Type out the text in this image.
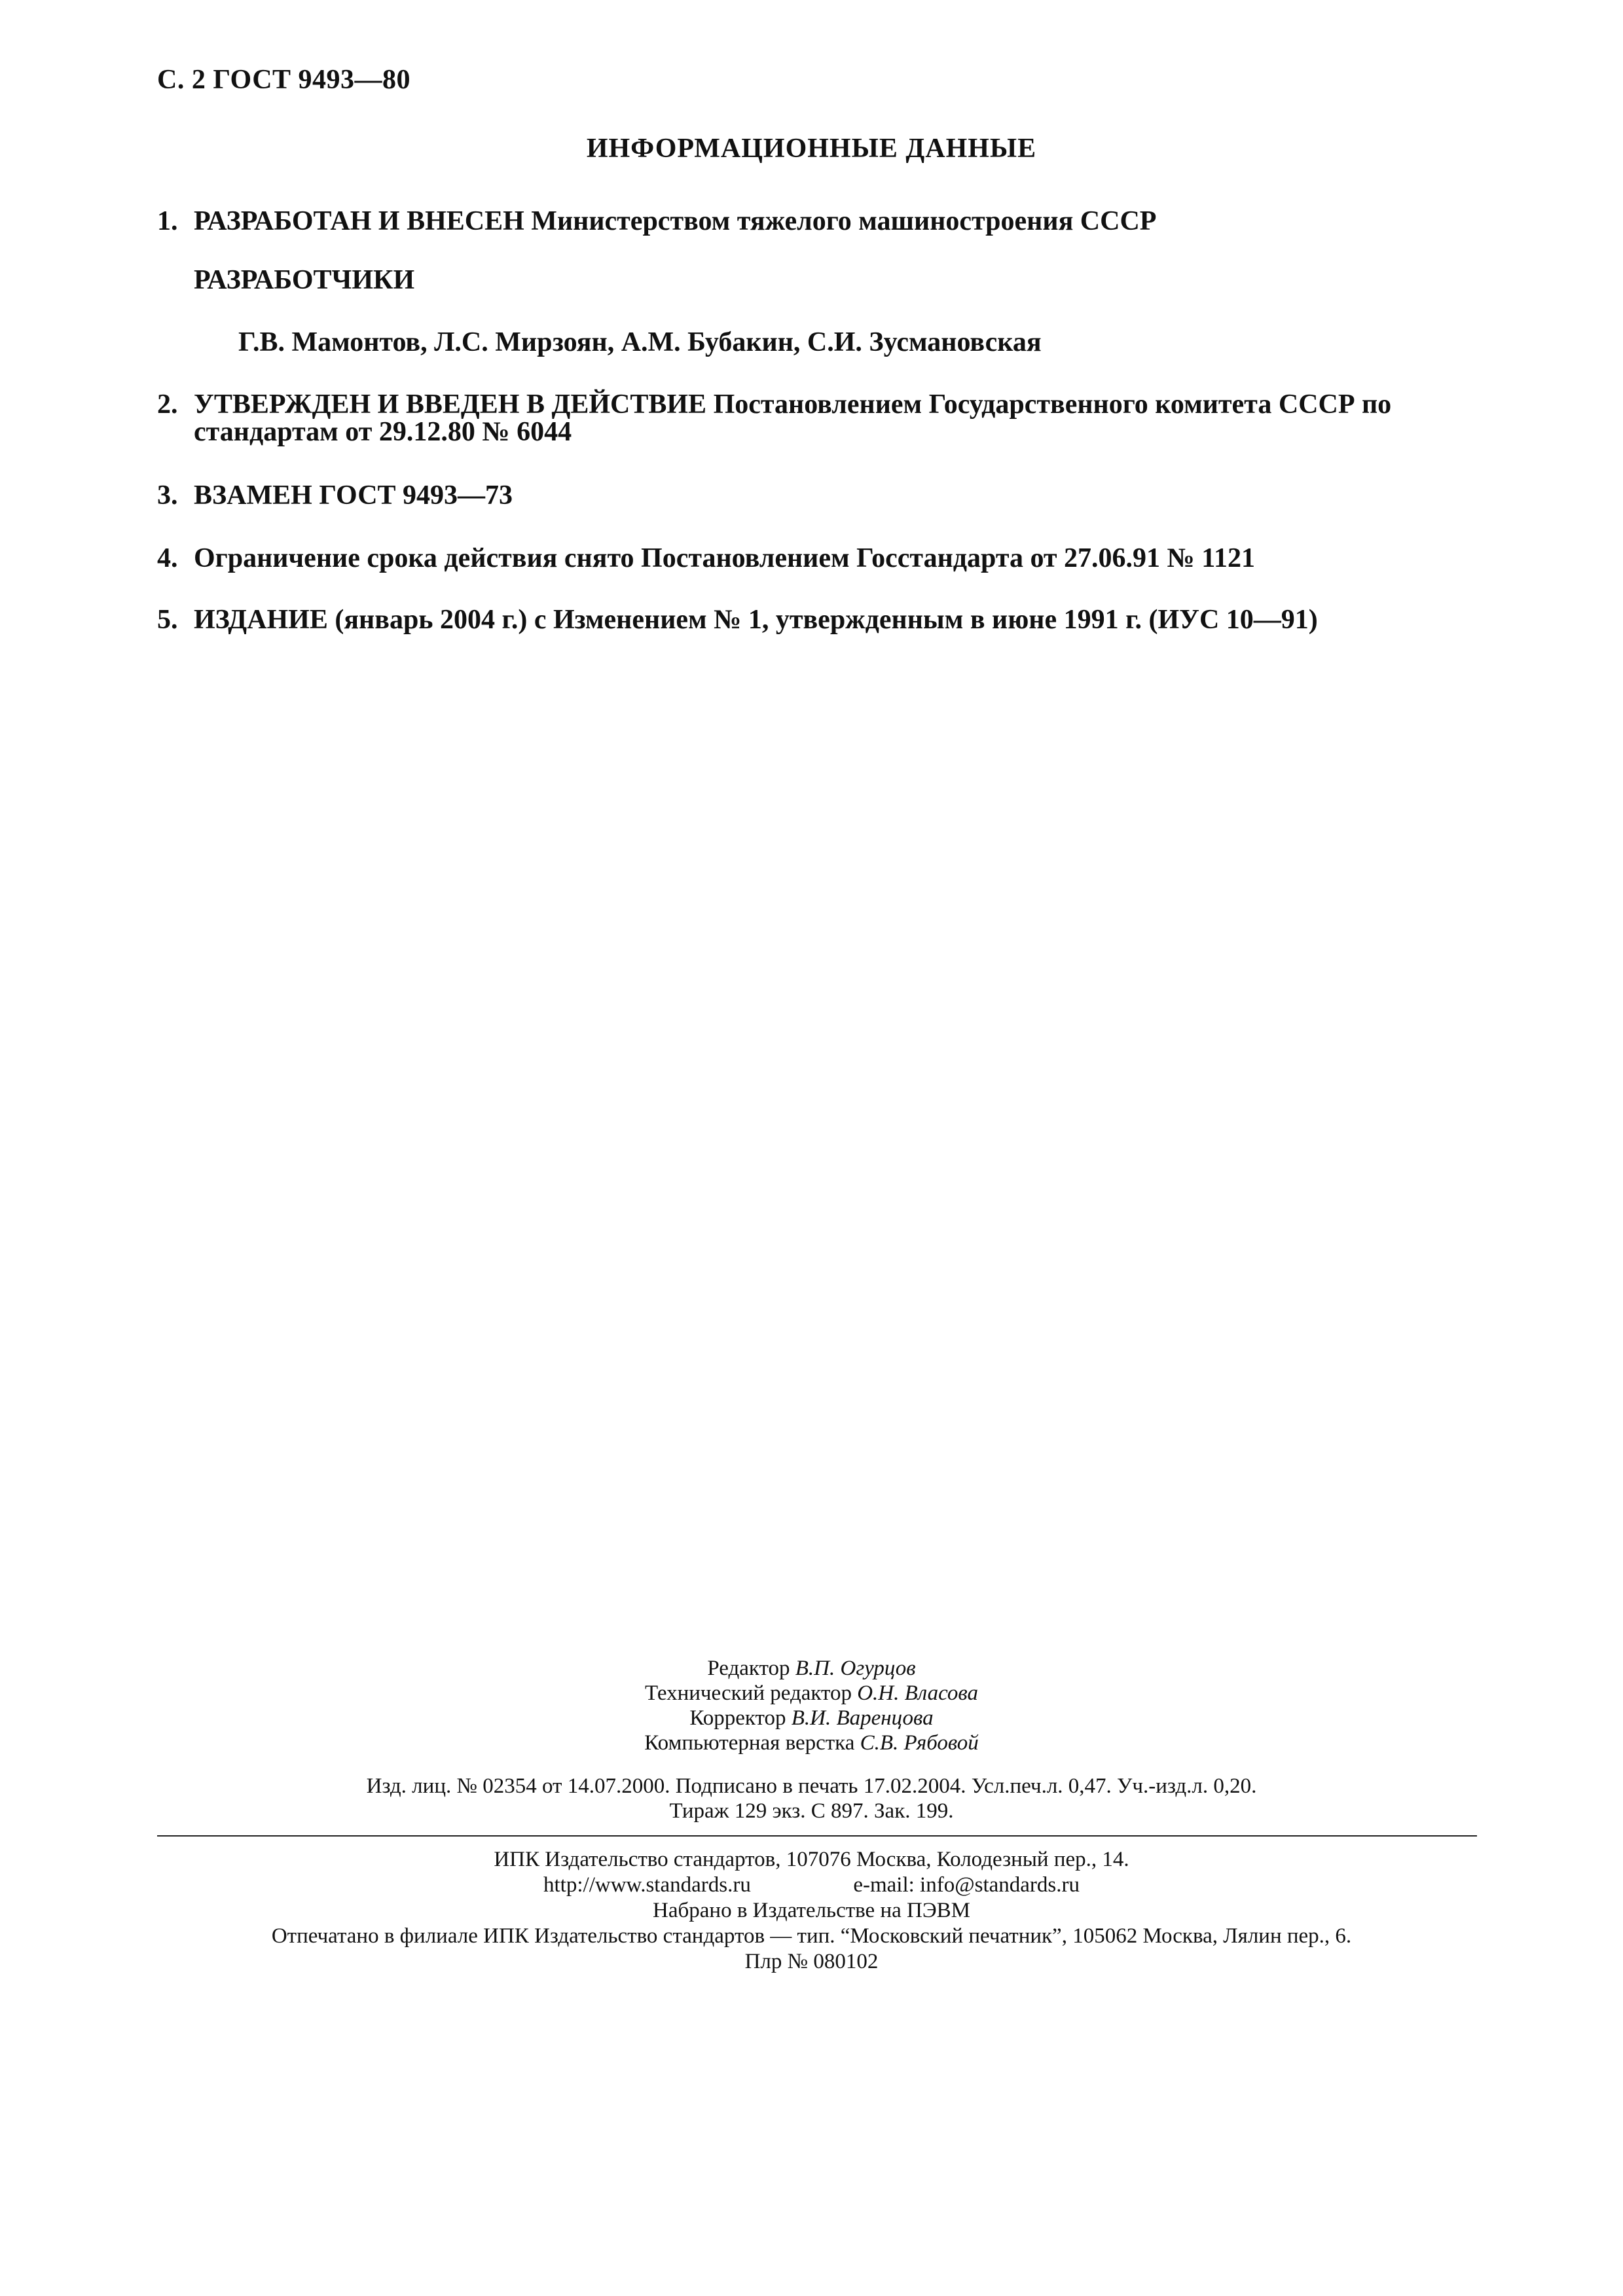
С. 2 ГОСТ 9493—80
ИНФОРМАЦИОННЫЕ ДАННЫЕ
1. РАЗРАБОТАН И ВНЕСЕН Министерством тяжелого машиностроения СССР
РАЗРАБОТЧИКИ
Г.В. Мамонтов, Л.С. Мирзоян, А.М. Бубакин, С.И. Зусмановская
2. УТВЕРЖДЕН И ВВЕДЕН В ДЕЙСТВИЕ Постановлением Государственного комитета СССР по стандартам от 29.12.80 № 6044
3. ВЗАМЕН ГОСТ 9493—73
4. Ограничение срока действия снято Постановлением Госстандарта от 27.06.91 № 1121
5. ИЗДАНИЕ (январь 2004 г.) с Изменением № 1, утвержденным в июне 1991 г. (ИУС 10—91)
Редактор В.П. Огурцов
Технический редактор О.Н. Власова
Корректор В.И. Варенцова
Компьютерная верстка С.В. Рябовой
Изд. лиц. № 02354 от 14.07.2000. Подписано в печать 17.02.2004. Усл.печ.л. 0,47. Уч.-изд.л. 0,20.
Тираж 129 экз. С 897. Зак. 199.
ИПК Издательство стандартов, 107076 Москва, Колодезный пер., 14.
http://www.standards.ru	e-mail: info@standards.ru
Набрано в Издательстве на ПЭВМ
Отпечатано в филиале ИПК Издательство стандартов — тип. “Московский печатник”, 105062 Москва, Лялин пер., 6.
Плр № 080102
